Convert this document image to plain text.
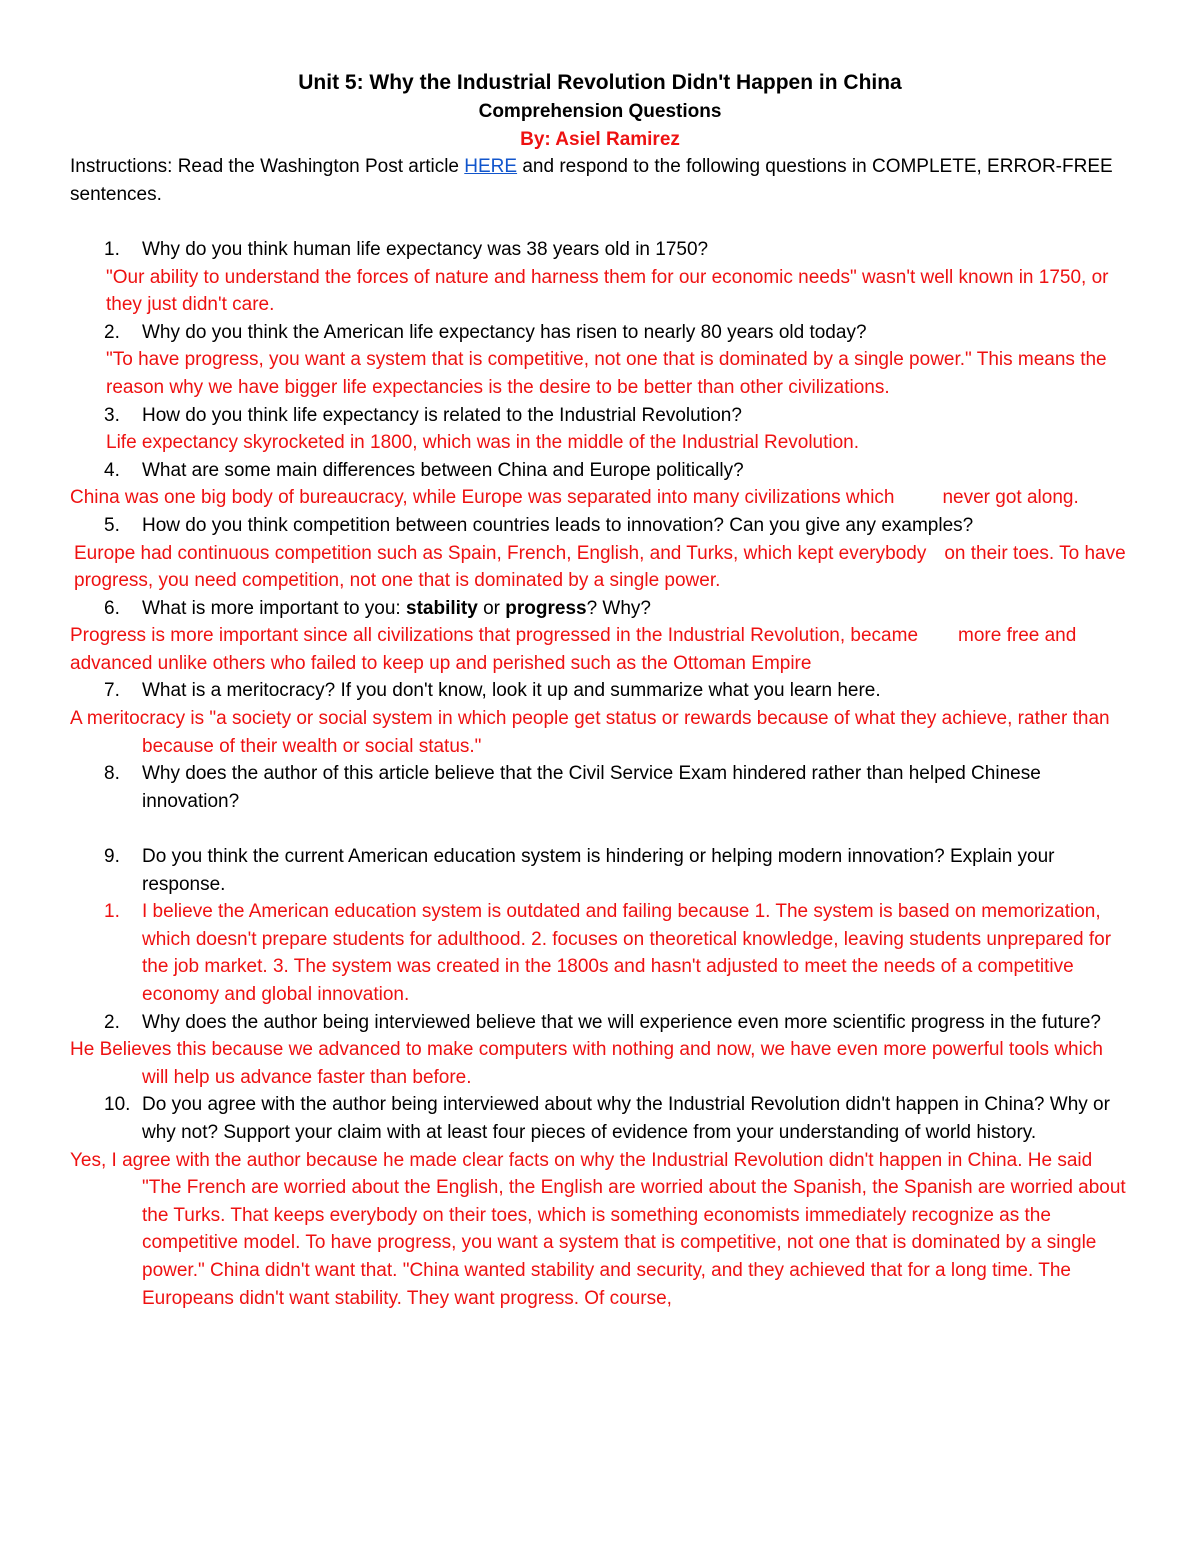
Unit 5: Why the Industrial Revolution Didn't Happen in China
Comprehension Questions
By: Asiel Ramirez

Instructions: Read the Washington Post article HERE and respond to the following questions in COMPLETE, ERROR-FREE sentences.

1.	Why do you think human life expectancy was 38 years old in 1750?
"Our ability to understand the forces of nature and harness them for our economic needs" wasn't well known in 1750, or they just didn't care.
2.	Why do you think the American life expectancy has risen to nearly 80 years old today?
"To have progress, you want a system that is competitive, not one that is dominated by a single power." This means the reason why we have bigger life expectancies is the desire to be better than other civilizations.
3.	How do you think life expectancy is related to the Industrial Revolution?
Life expectancy skyrocketed in 1800, which was in the middle of the Industrial Revolution.
4.	What are some main differences between China and Europe politically?
China was one big body of bureaucracy, while Europe was separated into many civilizations which	never got along.
5.	How do you think competition between countries leads to innovation? Can you give any examples?
Europe had continuous competition such as Spain, French, English, and Turks, which kept everybody on their toes. To have progress, you need competition, not one that is dominated by a single power.
6.	What is more important to you: stability or progress? Why?
Progress is more important since all civilizations that progressed in the Industrial Revolution, became more free and advanced unlike others who failed to keep up and perished such as the Ottoman Empire
7.	What is a meritocracy? If you don't know, look it up and summarize what you learn here.
A meritocracy is "a society or social system in which people get status or rewards because of what they achieve, rather than because of their wealth or social status."
8.	Why does the author of this article believe that the Civil Service Exam hindered rather than helped Chinese innovation?
9.	Do you think the current American education system is hindering or helping modern innovation? Explain your response.
1.	I believe the American education system is outdated and failing because 1. The system is based on memorization, which doesn't prepare students for adulthood. 2. focuses on theoretical knowledge, leaving students unprepared for the job market. 3. The system was created in the 1800s and hasn't adjusted to meet the needs of a competitive economy and global innovation.
2.	Why does the author being interviewed believe that we will experience even more scientific progress in the future?
He Believes this because we advanced to make computers with nothing and now, we have even more powerful tools which will help us advance faster than before.
10. Do you agree with the author being interviewed about why the Industrial Revolution didn't happen in China? Why or why not? Support your claim with at least four pieces of evidence from your understanding of world history.
Yes, I agree with the author because he made clear facts on why the Industrial Revolution didn't happen in China. He said "The French are worried about the English, the English are worried about the Spanish, the Spanish are worried about the Turks. That keeps everybody on their toes, which is something economists immediately recognize as the competitive model. To have progress, you want a system that is competitive, not one that is dominated by a single power." China didn't want that. "China wanted stability and security, and they achieved that for a long time. The Europeans didn't want stability. They want progress. Of course,
